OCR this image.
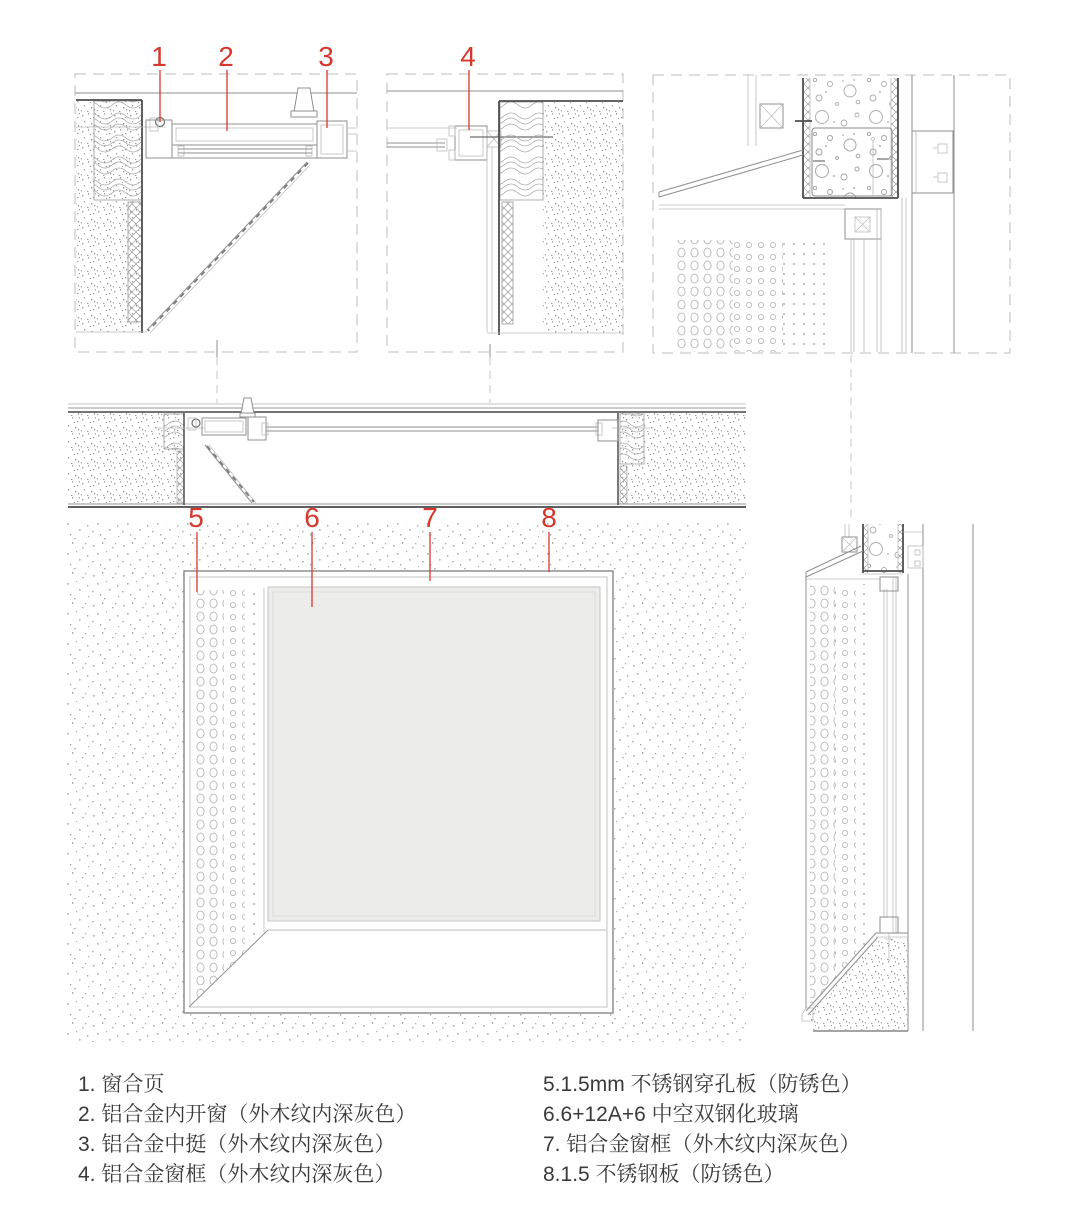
1 2	3	4
5	6	7	8
1. 窗合页
2. 铝合金内开窗（外木纹内深灰色）
3. 铝合金中挺（外木纹内深灰色）
4. 铝合金窗框（外木纹内深灰色）
5.1.5mm 不锈钢穿孔板（防锈色）
6.6+12A+6 中空双钢化玻璃
7. 铝合金窗框（外木纹内深灰色）
8.1.5 不锈钢板（防锈色）
